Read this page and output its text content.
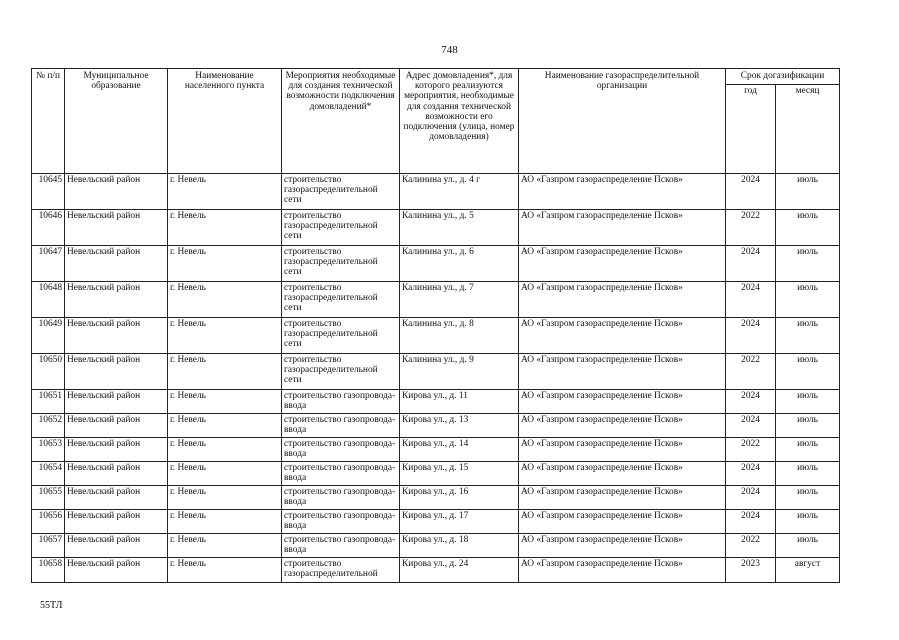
748
№ п/п	Муниципальное образование	Наименование населенного пункта	Мероприятия необходимые для создания технической возможности подключения домовладений*	Адрес домовладения*, для которого реализуются мероприятия, необходимые для создания технической возможности его подключения (улица, номер домовладения)	Наименование газораспределительной организации	Срок догазификации	
						год	месяц
10645	Невельский район	г. Невель	строительство газораспределительной сети	Калинина ул., д. 4 г	АО «Газпром газораспределение Псков»	2024	июль
10646	Невельский район	г. Невель	строительство газораспределительной сети	Калинина ул., д. 5	АО «Газпром газораспределение Псков»	2022	июль
10647	Невельский район	г. Невель	строительство газораспределительной сети	Калинина ул., д. 6	АО «Газпром газораспределение Псков»	2024	июль
10648	Невельский район	г. Невель	строительство газораспределительной сети	Калинина ул., д. 7	АО «Газпром газораспределение Псков»	2024	июль
10649	Невельский район	г. Невель	строительство газораспределительной сети	Калинина ул., д. 8	АО «Газпром газораспределение Псков»	2024	июль
10650	Невельский район	г. Невель	строительство газораспределительной сети	Калинина ул., д. 9	АО «Газпром газораспределение Псков»	2022	июль
10651	Невельский район	г. Невель	строительство газопровода-ввода	Кирова ул., д. 11	АО «Газпром газораспределение Псков»	2024	июль
10652	Невельский район	г. Невель	строительство газопровода-ввода	Кирова ул., д. 13	АО «Газпром газораспределение Псков»	2024	июль
10653	Невельский район	г. Невель	строительство газопровода-ввода	Кирова ул., д. 14	АО «Газпром газораспределение Псков»	2022	июль
10654	Невельский район	г. Невель	строительство газопровода-ввода	Кирова ул., д. 15	АО «Газпром газораспределение Псков»	2024	июль
10655	Невельский район	г. Невель	строительство газопровода-ввода	Кирова ул., д. 16	АО «Газпром газораспределение Псков»	2024	июль
10656	Невельский район	г. Невель	строительство газопровода-ввода	Кирова ул., д. 17	АО «Газпром газораспределение Псков»	2024	июль
10657	Невельский район	г. Невель	строительство газопровода-ввода	Кирова ул., д. 18	АО «Газпром газораспределение Псков»	2022	июль
10658	Невельский район	г. Невель	строительство газораспределительной	Кирова ул., д. 24	АО «Газпром газораспределение Псков»	2023	август
55ТЛ
